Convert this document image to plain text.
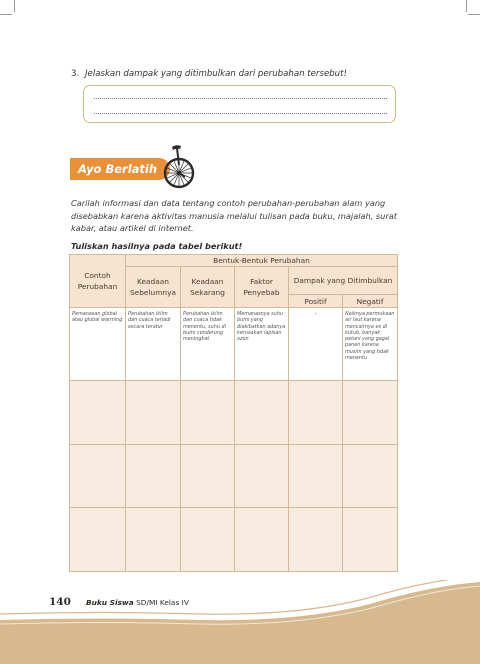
3. Jelaskan dampak yang ditimbulkan dari perubahan tersebut!
Ayo Berlatih
Carilah informasi dan data tentang contoh perubahan-perubahan alam yang disebabkan karena aktivitas manusia melalui tulisan pada buku, majalah, surat kabar, atau artikel di internet.
Tuliskan hasilnya pada tabel berikut!
Contoh Perubahan	Bentuk-Bentuk Perubahan				
	Keadaan Sebelumnya	Keadaan Sekarang	Faktor Penyebab	Dampak yang Ditimbulkan	
				Positif	Negatif
Pemanasan global atau global warming	Perubahan iklim dan cuaca terjadi secara teratur	Perubahan iklim dan cuaca tidak menentu, suhu di bumi cenderung meningkat	Memanasnya suhu bumi yang diakibatkan adanya kerusakan lapisan ozon	-	Naiknya permukaan air laut karena mencairnya es di kutub, banyak petani yang gagal panen karena musim yang tidak menentu

140 Buku Siswa SD/MI Kelas IV
